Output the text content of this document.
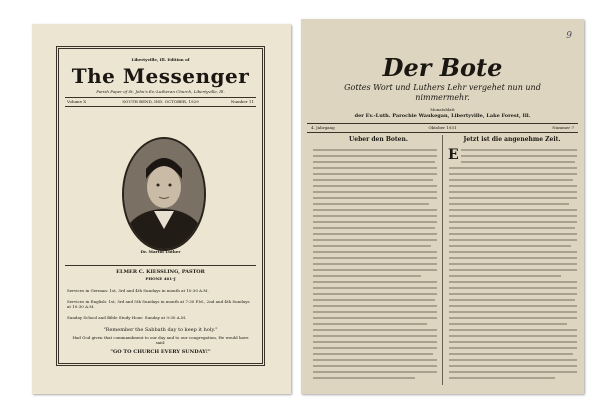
Libertyville, Ill. Edition of
The Messenger
Parish Paper of St. John's Ev.-Lutheran Church, Libertyville, Ill.
Volume X	SOUTH BEND, IND. OCTOBER, 1929	Number 11
Dr. Martin Luther
ELMER C. KIESSLING, PASTOR
PHONE 461-J
Services in German: 1st, 3rd and 4th Sundays in month at 10:30 A.M.
Services in English: 1st, 3rd and 5th Sundays in month at 7:30 P.M., 2nd and 4th Sundays at 10:30 A.M.
Sunday School and Bible Study Hour: Sunday at 9:30 A.M.
"Remember the Sabbath day to keep it holy."
Had God given that commandment to our day and to our congregation, He would have said:
"GO TO CHURCH EVERY SUNDAY!"
Der Bote
Gottes Wort und Luthers Lehr vergehet nun und nimmermehr.
Monatsblatt
der Ev.-Luth. Parochie Waukegan, Libertyville, Lake Forest, Ill.
4. Jahrgang	Oktober 1931	Nummer 7
Ueber den Boten.	Jetzt ist die angenehme Zeit.
E
9
